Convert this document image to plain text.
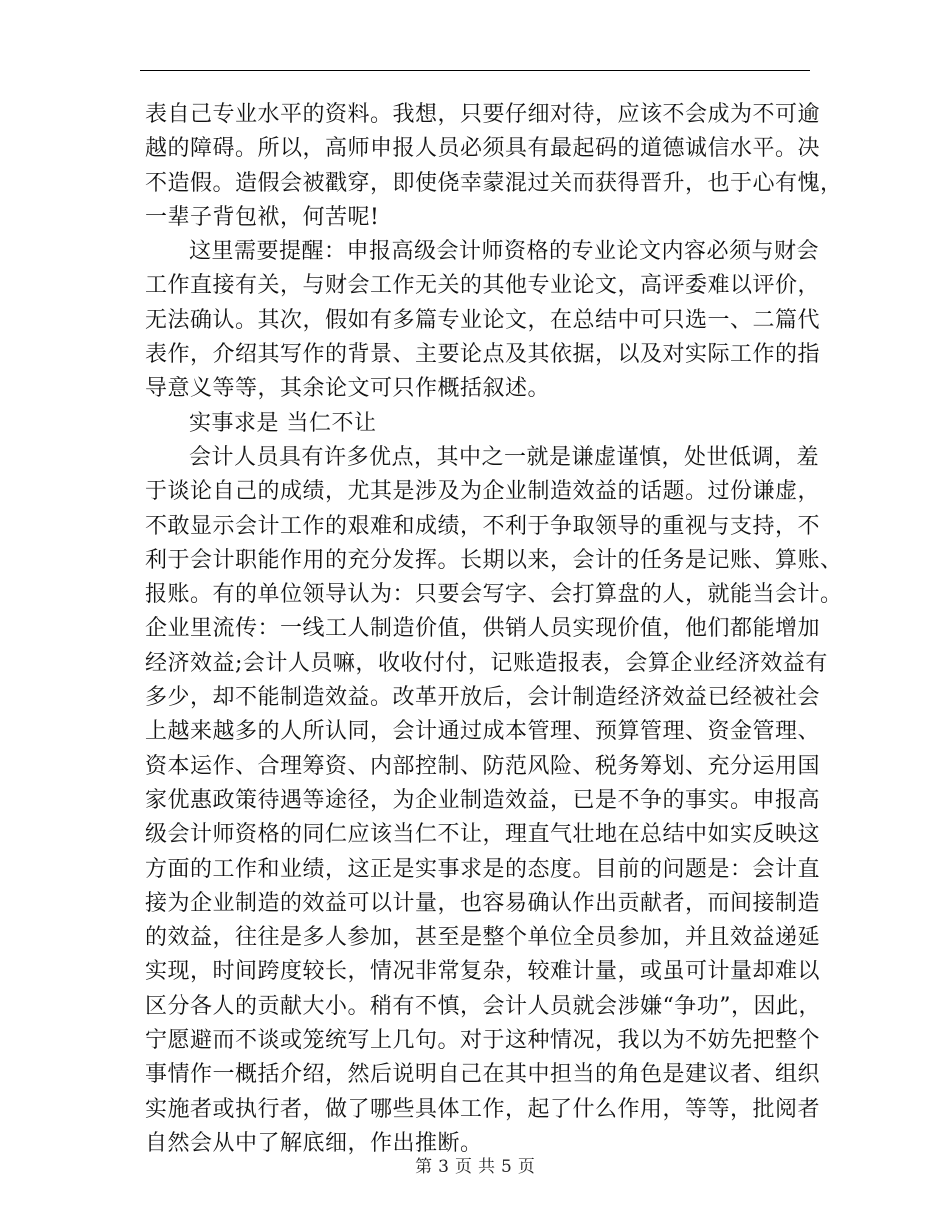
表自己专业水平的资料。我想，只要仔细对待，应该不会成为不可逾
越的障碍。所以，高师申报人员必须具有最起码的道德诚信水平。决
不造假。造假会被戳穿，即使侥幸蒙混过关而获得晋升，也于心有愧，
一辈子背包袱，何苦呢!
这里需要提醒：申报高级会计师资格的专业论文内容必须与财会
工作直接有关，与财会工作无关的其他专业论文，高评委难以评价，
无法确认。其次，假如有多篇专业论文，在总结中可只选一、二篇代
表作，介绍其写作的背景、主要论点及其依据，以及对实际工作的指
导意义等等，其余论文可只作概括叙述。
实事求是 当仁不让
会计人员具有许多优点，其中之一就是谦虚谨慎，处世低调，羞
于谈论自己的成绩，尤其是涉及为企业制造效益的话题。过份谦虚，
不敢显示会计工作的艰难和成绩，不利于争取领导的重视与支持，不
利于会计职能作用的充分发挥。长期以来，会计的任务是记账、算账、
报账。有的单位领导认为：只要会写字、会打算盘的人，就能当会计。
企业里流传：一线工人制造价值，供销人员实现价值，他们都能增加
经济效益;会计人员嘛，收收付付，记账造报表，会算企业经济效益有
多少，却不能制造效益。改革开放后，会计制造经济效益已经被社会
上越来越多的人所认同，会计通过成本管理、预算管理、资金管理、
资本运作、合理筹资、内部控制、防范风险、税务筹划、充分运用国
家优惠政策待遇等途径，为企业制造效益，已是不争的事实。申报高
级会计师资格的同仁应该当仁不让，理直气壮地在总结中如实反映这
方面的工作和业绩，这正是实事求是的态度。目前的问题是：会计直
接为企业制造的效益可以计量，也容易确认作出贡献者，而间接制造
的效益，往往是多人参加，甚至是整个单位全员参加，并且效益递延
实现，时间跨度较长，情况非常复杂，较难计量，或虽可计量却难以
区分各人的贡献大小。稍有不慎，会计人员就会涉嫌“争功”，因此，
宁愿避而不谈或笼统写上几句。对于这种情况，我以为不妨先把整个
事情作一概括介绍，然后说明自己在其中担当的角色是建议者、组织
实施者或执行者，做了哪些具体工作，起了什么作用，等等，批阅者
自然会从中了解底细，作出推断。
第 3 页 共 5 页
